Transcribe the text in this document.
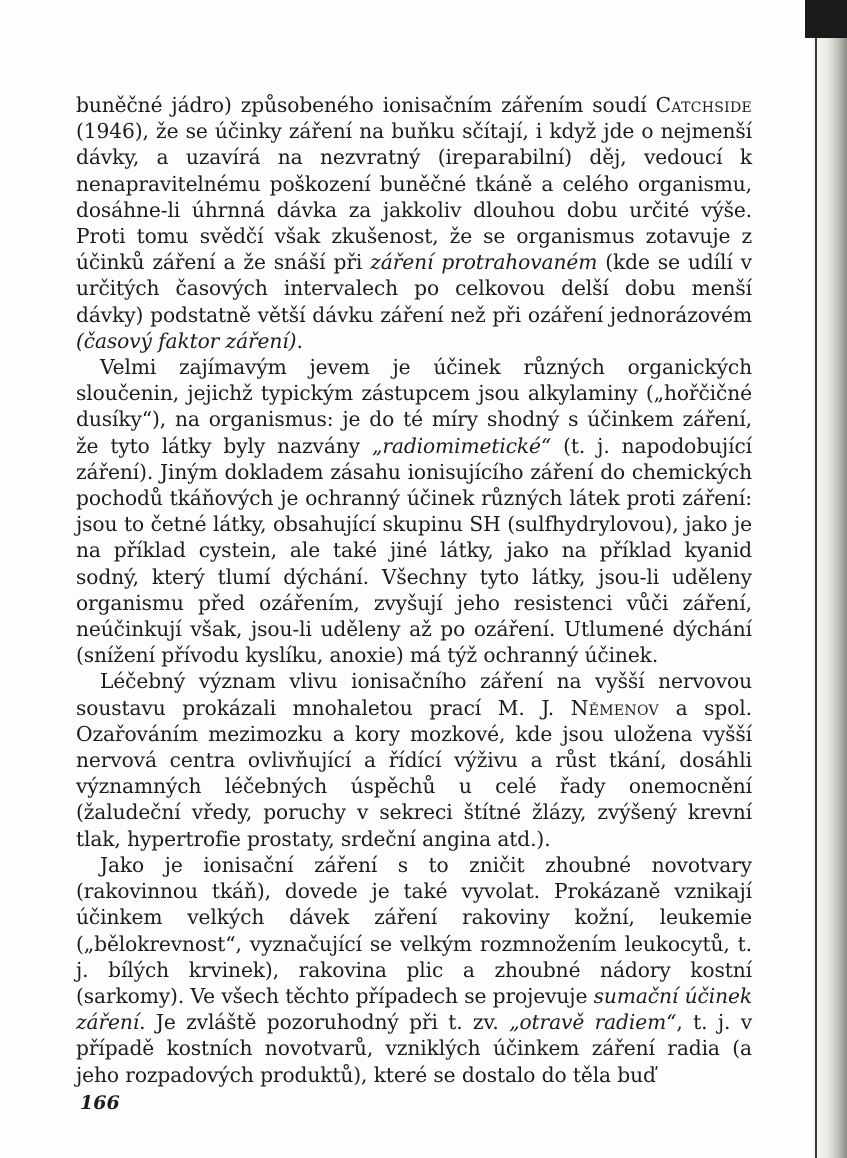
buněčné jádro) způsobeného ionisačním zářením soudí Catchside (1946), že se účinky záření na buňku sčítají, i když jde o nejmenší dávky, a uzavírá na nezvratný (ireparabilní) děj, vedoucí k nenapravitelnému poškození buněčné tkáně a celého organismu, dosáhne-li úhrnná dávka za jakkoliv dlouhou dobu určité výše. Proti tomu svědčí však zkušenost, že se organismus zotavuje z účinků záření a že snáší při záření protrahovaném (kde se udílí v určitých časových intervalech po celkovou delší dobu menší dávky) podstatně větší dávku záření než při ozáření jednorázovém (časový faktor záření).

Velmi zajímavým jevem je účinek různých organických sloučenin, jejichž typickým zástupcem jsou alkylaminy („hořčičné dusíky“), na organismus: je do té míry shodný s účinkem záření, že tyto látky byly nazvány „radiomimetické“ (t. j. napodobující záření). Jiným dokladem zásahu ionisujícího záření do chemických pochodů tkáňových je ochranný účinek různých látek proti záření: jsou to četné látky, obsahující skupinu SH (sulfhydrylovou), jako je na příklad cystein, ale také jiné látky, jako na příklad kyanid sodný, který tlumí dýchání. Všechny tyto látky, jsou-li uděleny organismu před ozářením, zvyšují jeho resistenci vůči záření, neúčinkují však, jsou-li uděleny až po ozáření. Utlumené dýchání (snížení přívodu kyslíku, anoxie) má týž ochranný účinek.

Léčebný význam vlivu ionisačního záření na vyšší nervovou soustavu prokázali mnohaletou prací M. J. Němenov a spol. Ozařováním mezimozku a kory mozkové, kde jsou uložena vyšší nervová centra ovlivňující a řídící výživu a růst tkání, dosáhli významných léčebných úspěchů u celé řady onemocnění (žaludeční vředy, poruchy v sekreci štítné žlázy, zvýšený krevní tlak, hypertrofie prostaty, srdeční angina atd.).

Jako je ionisační záření s to zničit zhoubné novotvary (rakovinnou tkáň), dovede je také vyvolat. Prokázaně vznikají účinkem velkých dávek záření rakoviny kožní, leukemie („bělokrevnost“, vyznačující se velkým rozmnožením leukocytů, t. j. bílých krvinek), rakovina plic a zhoubné nádory kostní (sarkomy). Ve všech těchto případech se projevuje sumační účinek záření. Je zvláště pozoruhodný při t. zv. „otravě radiem“, t. j. v případě kostních novotvarů, vzniklých účinkem záření radia (a jeho rozpadových produktů), které se dostalo do těla buď

166
